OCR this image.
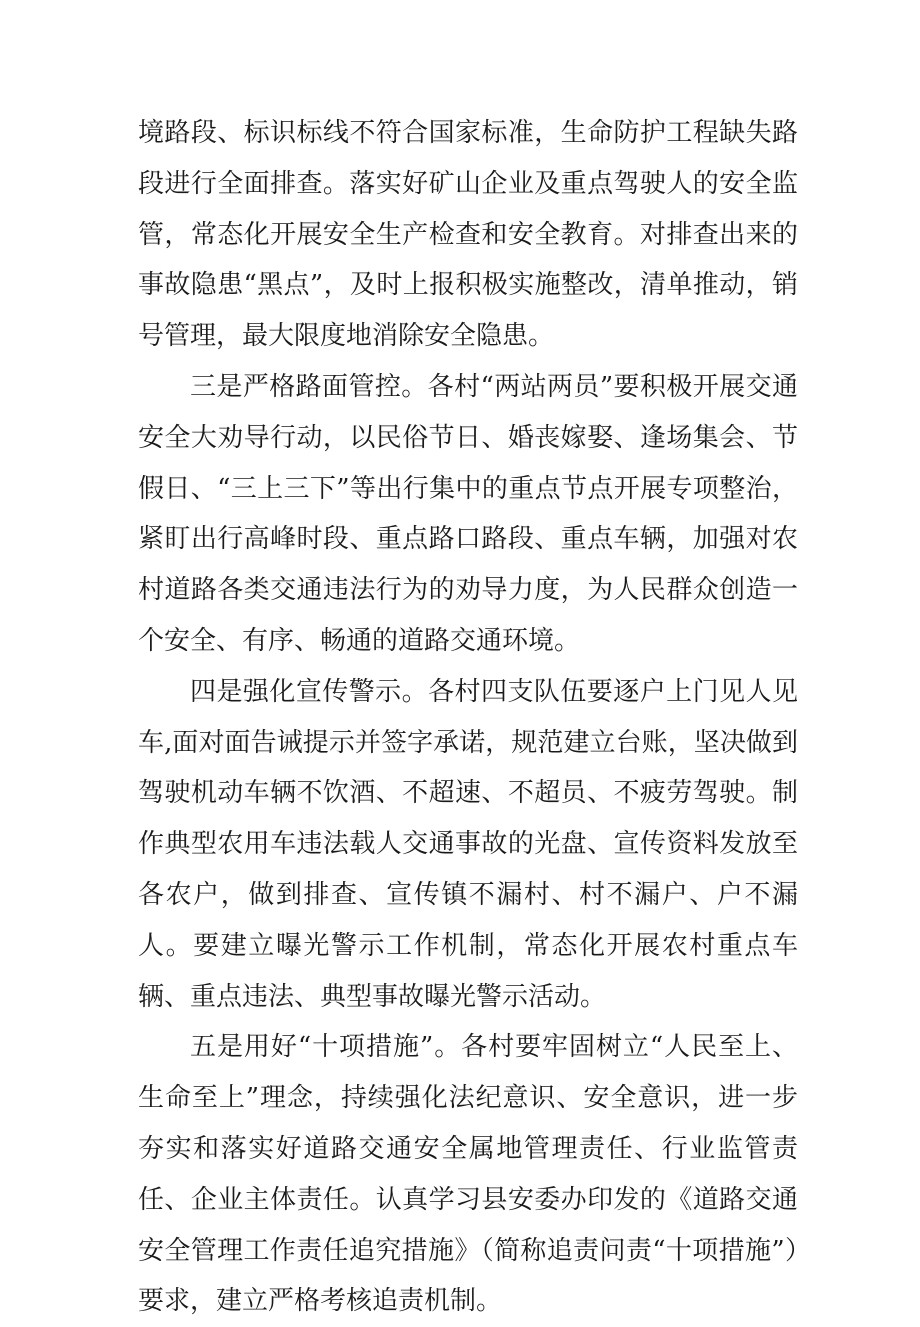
境路段、标识标线不符合国家标准，生命防护工程缺失路段进行全面排查。落实好矿山企业及重点驾驶人的安全监管，常态化开展安全生产检查和安全教育。对排查出来的事故隐患“黑点”，及时上报积极实施整改，清单推动，销号管理，最大限度地消除安全隐患。

三是严格路面管控。各村“两站两员”要积极开展交通安全大劝导行动，以民俗节日、婚丧嫁娶、逢场集会、节假日、“三上三下”等出行集中的重点节点开展专项整治，紧盯出行高峰时段、重点路口路段、重点车辆，加强对农村道路各类交通违法行为的劝导力度，为人民群众创造一个安全、有序、畅通的道路交通环境。

四是强化宣传警示。各村四支队伍要逐户上门见人见车,面对面告诫提示并签字承诺，规范建立台账，坚决做到驾驶机动车辆不饮酒、不超速、不超员、不疲劳驾驶。制作典型农用车违法载人交通事故的光盘、宣传资料发放至各农户，做到排查、宣传镇不漏村、村不漏户、户不漏人。要建立曝光警示工作机制，常态化开展农村重点车辆、重点违法、典型事故曝光警示活动。

五是用好“十项措施”。各村要牢固树立“人民至上、生命至上”理念，持续强化法纪意识、安全意识，进一步夯实和落实好道路交通安全属地管理责任、行业监管责任、企业主体责任。认真学习县安委办印发的《道路交通安全管理工作责任追究措施》（简称追责问责“十项措施”）要求，建立严格考核追责机制。
